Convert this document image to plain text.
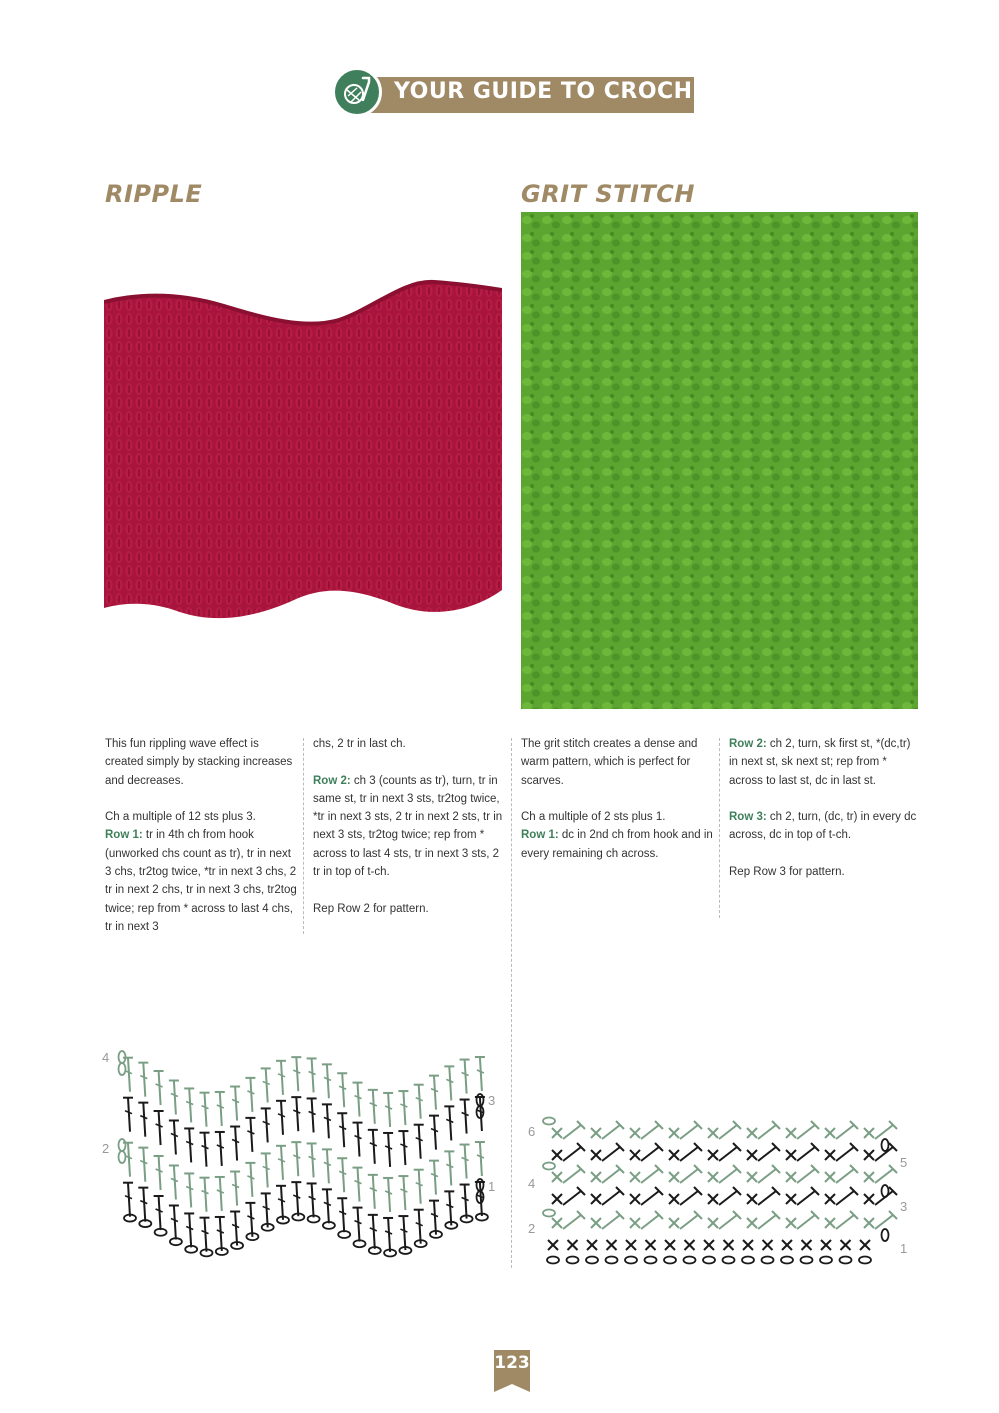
YOUR GUIDE TO CROCHET
RIPPLE	GRIT STITCH

This fun rippling wave effect is created simply by stacking increases and decreases.

Ch a multiple of 12 sts plus 3.
Row 1: tr in 4th ch from hook (unworked chs count as tr), tr in next 3 chs, tr2tog twice, *tr in next 3 chs, 2 tr in next 2 chs, tr in next 3 chs, tr2tog twice; rep from * across to last 4 chs, tr in next 3

chs, 2 tr in last ch.

Row 2: ch 3 (counts as tr), turn, tr in same st, tr in next 3 sts, tr2tog twice, *tr in next 3 sts, 2 tr in next 2 sts, tr in next 3 sts, tr2tog twice; rep from * across to last 4 sts, tr in next 3 sts, 2 tr in top of t-ch.

Rep Row 2 for pattern.

The grit stitch creates a dense and warm pattern, which is perfect for scarves.

Ch a multiple of 2 sts plus 1.
Row 1: dc in 2nd ch from hook and in every remaining ch across.

Row 2: ch 2, turn, sk first st, *(dc,tr) in next st, sk next st; rep from * across to last st, dc in last st.

Row 3: ch 2, turn, (dc, tr) in every dc across, dc in top of t-ch.

Rep Row 3 for pattern.

4
2
3
1
6
4
2
5
3
1
123
